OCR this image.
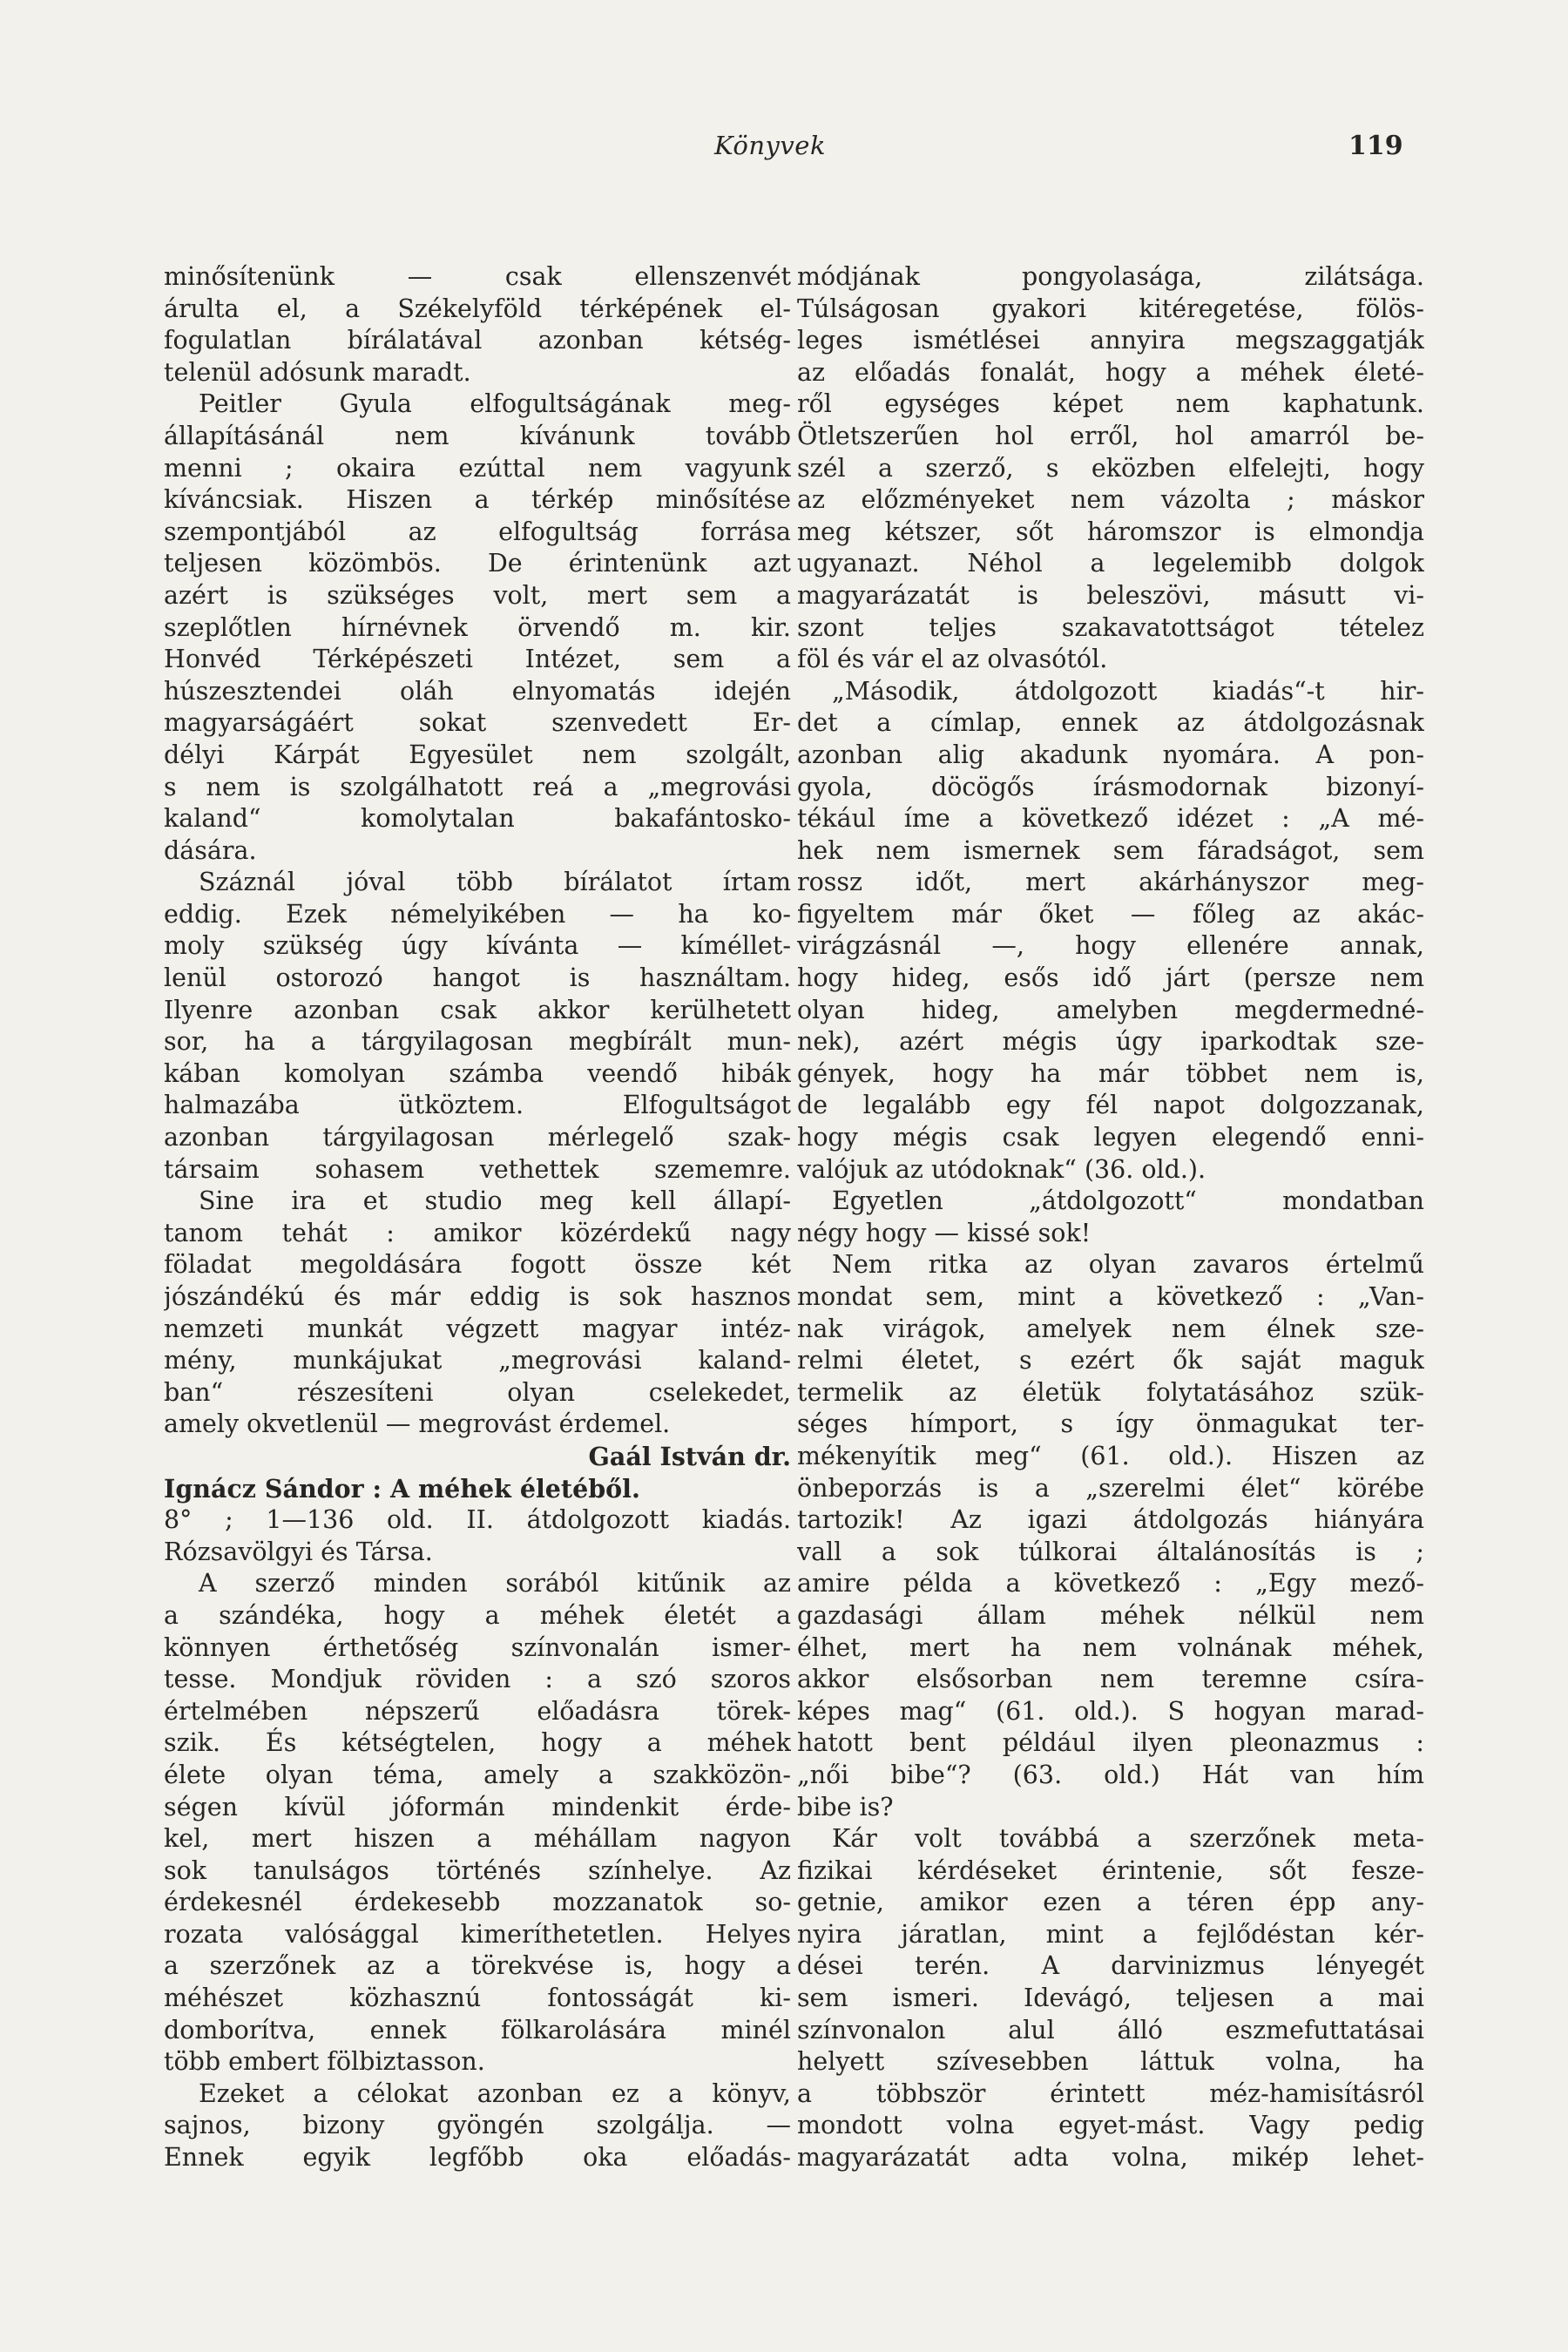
Könyvek	119
minősítenünk — csak ellenszenvét
árulta el, a Székelyföld térképének el-
fogulatlan bírálatával azonban kétség-
telenül adósunk maradt.
Peitler Gyula elfogultságának meg-
állapításánál nem kívánunk tovább
menni ; okaira ezúttal nem vagyunk
kíváncsiak. Hiszen a térkép minősítése
szempontjából az elfogultság forrása
teljesen közömbös. De érintenünk azt
azért is szükséges volt, mert sem a
szeplőtlen hírnévnek örvendő m. kir.
Honvéd Térképészeti Intézet, sem a
húszesztendei oláh elnyomatás idején
magyarságáért sokat szenvedett Er-
délyi Kárpát Egyesület nem szolgált,
s nem is szolgálhatott reá a „megrovási
kaland“ komolytalan bakafántosko-
dására.
Száznál jóval több bírálatot írtam
eddig. Ezek némelyikében — ha ko-
moly szükség úgy kívánta — kíméllet-
lenül ostorozó hangot is használtam.
Ilyenre azonban csak akkor kerülhetett
sor, ha a tárgyilagosan megbírált mun-
kában komolyan számba veendő hibák
halmazába ütköztem. Elfogultságot
azonban tárgyilagosan mérlegelő szak-
társaim sohasem vethettek szememre.
Sine ira et studio meg kell állapí-
tanom tehát : amikor közérdekű nagy
föladat megoldására fogott össze két
jószándékú és már eddig is sok hasznos
nemzeti munkát végzett magyar intéz-
mény, munkájukat „megrovási kaland-
ban“ részesíteni olyan cselekedet,
amely okvetlenül — megrovást érdemel.
Gaál István dr.
Ignácz Sándor : A méhek életéből.
8° ; 1—136 old. II. átdolgozott kiadás.
Rózsavölgyi és Társa.
A szerző minden sorából kitűnik az
a szándéka, hogy a méhek életét a
könnyen érthetőség színvonalán ismer-
tesse. Mondjuk röviden : a szó szoros
értelmében népszerű előadásra törek-
szik. És kétségtelen, hogy a méhek
élete olyan téma, amely a szakközön-
ségen kívül jóformán mindenkit érde-
kel, mert hiszen a méhállam nagyon
sok tanulságos történés színhelye. Az
érdekesnél érdekesebb mozzanatok so-
rozata valósággal kimeríthetetlen. Helyes
a szerzőnek az a törekvése is, hogy a
méhészet közhasznú fontosságát ki-
domborítva, ennek fölkarolására minél
több embert fölbiztasson.
Ezeket a célokat azonban ez a könyv,
sajnos, bizony gyöngén szolgálja. —
Ennek egyik legfőbb oka előadás-
módjának pongyolasága, zilátsága.
Túlságosan gyakori kitéregetése, fölös-
leges ismétlései annyira megszaggatják
az előadás fonalát, hogy a méhek életé-
ről egységes képet nem kaphatunk.
Ötletszerűen hol erről, hol amarról be-
szél a szerző, s eközben elfelejti, hogy
az előzményeket nem vázolta ; máskor
meg kétszer, sőt háromszor is elmondja
ugyanazt. Néhol a legelemibb dolgok
magyarázatát is beleszövi, másutt vi-
szont teljes szakavatottságot tételez
föl és vár el az olvasótól.
„Második, átdolgozott kiadás“-t hir-
det a címlap, ennek az átdolgozásnak
azonban alig akadunk nyomára. A pon-
gyola, döcögős írásmodornak bizonyí-
tékául íme a következő idézet : „A mé-
hek nem ismernek sem fáradságot, sem
rossz időt, mert akárhányszor meg-
figyeltem már őket — főleg az akác-
virágzásnál —, hogy ellenére annak,
hogy hideg, esős idő járt (persze nem
olyan hideg, amelyben megdermedné-
nek), azért mégis úgy iparkodtak sze-
gények, hogy ha már többet nem is,
de legalább egy fél napot dolgozzanak,
hogy mégis csak legyen elegendő enni-
valójuk az utódoknak“ (36. old.).
Egyetlen „átdolgozott“ mondatban
négy hogy — kissé sok!
Nem ritka az olyan zavaros értelmű
mondat sem, mint a következő : „Van-
nak virágok, amelyek nem élnek sze-
relmi életet, s ezért ők saját maguk
termelik az életük folytatásához szük-
séges hímport, s így önmagukat ter-
mékenyítik meg“ (61. old.). Hiszen az
önbeporzás is a „szerelmi élet“ körébe
tartozik! Az igazi átdolgozás hiányára
vall a sok túlkorai általánosítás is ;
amire példa a következő : „Egy mező-
gazdasági állam méhek nélkül nem
élhet, mert ha nem volnának méhek,
akkor elsősorban nem teremne csíra-
képes mag“ (61. old.). S hogyan marad-
hatott bent például ilyen pleonazmus :
„női bibe“? (63. old.) Hát van hím
bibe is?
Kár volt továbbá a szerzőnek meta-
fizikai kérdéseket érintenie, sőt fesze-
getnie, amikor ezen a téren épp any-
nyira járatlan, mint a fejlődéstan kér-
dései terén. A darvinizmus lényegét
sem ismeri. Idevágó, teljesen a mai
színvonalon alul álló eszmefuttatásai
helyett szívesebben láttuk volna, ha
a többször érintett méz-hamisításról
mondott volna egyet-mást. Vagy pedig
magyarázatát adta volna, mikép lehet-
